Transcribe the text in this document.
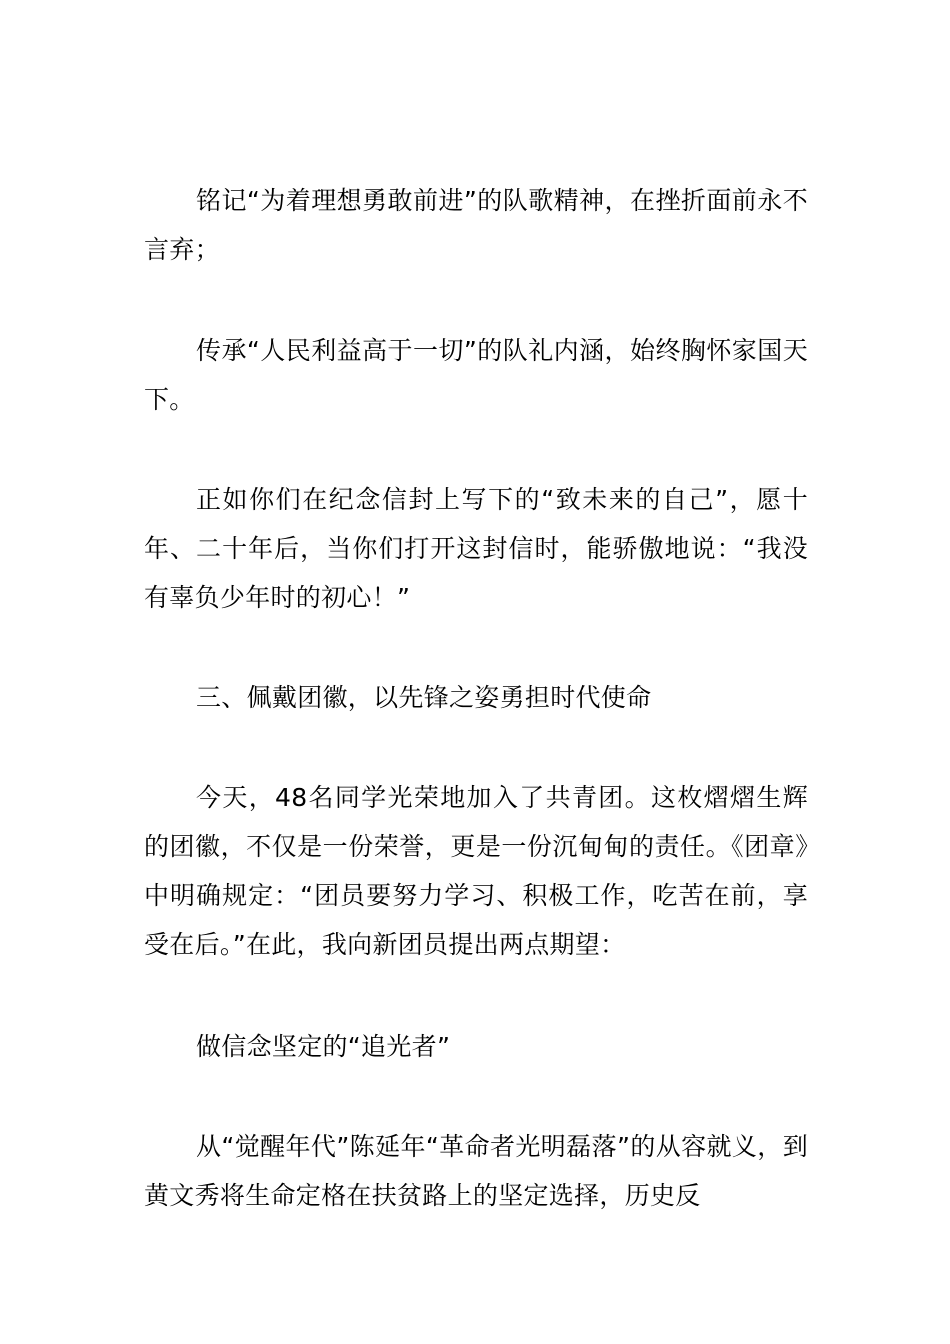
铭记“为着理想勇敢前进”的队歌精神，在挫折面前永不言弃；

传承“人民利益高于一切”的队礼内涵，始终胸怀家国天下。

正如你们在纪念信封上写下的“致未来的自己”，愿十年、二十年后，当你们打开这封信时，能骄傲地说：“我没有辜负少年时的初心！”

三、佩戴团徽，以先锋之姿勇担时代使命

今天，48名同学光荣地加入了共青团。这枚熠熠生辉的团徽，不仅是一份荣誉，更是一份沉甸甸的责任。《团章》中明确规定：“团员要努力学习、积极工作，吃苦在前，享受在后。”在此，我向新团员提出两点期望：

做信念坚定的“追光者”

从“觉醒年代”陈延年“革命者光明磊落”的从容就义，到黄文秀将生命定格在扶贫路上的坚定选择，历史反
